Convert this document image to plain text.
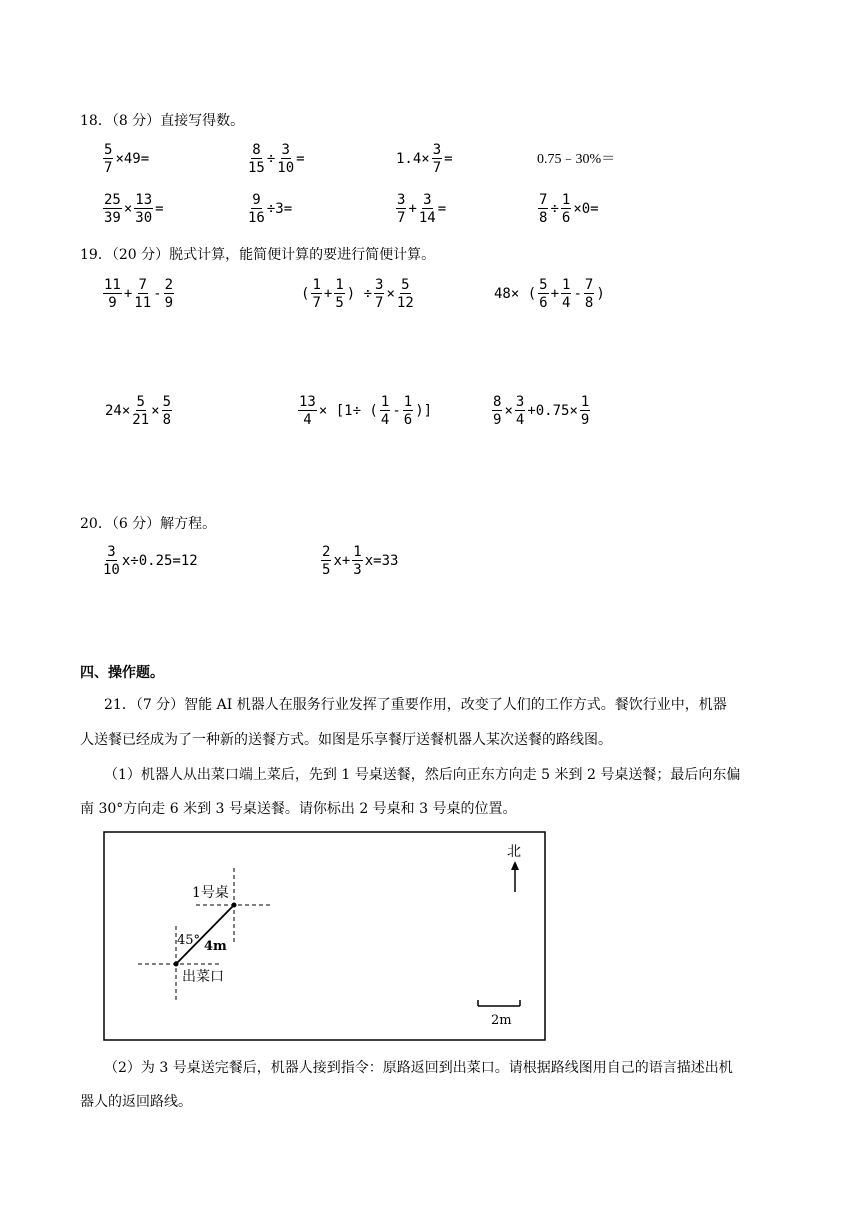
18．（8 分）直接写得数。
$\frac{5}{7} \times 49=$	$\frac{8}{15} \div \frac{3}{10}$ =	$1.4\times \frac{3}{7}$ =	0.75﹣30%＝
$\frac{25}{39} \times \frac{13}{30}$ =	$\frac{9}{16} \div 3=$	$\frac{3}{7} + \frac{3}{14}$ =	$\frac{7}{8} \div \frac{1}{6} \times 0=$
19．（20 分）脱式计算，能简便计算的要进行简便计算。
$\frac{11}{9} + \frac{7}{11} - \frac{2}{9}$	( $\frac{1}{7} + \frac{1}{5}$ ) ÷ $\frac{3}{7} \times \frac{5}{12}$	48× ( $\frac{5}{6} + \frac{1}{4} - \frac{7}{8}$ )
$24\times \frac{5}{21} \times \frac{5}{8}$	$\frac{13}{4} \times [1\div$ ( $\frac{1}{4} - \frac{1}{6}$ )]	$\frac{8}{9} \times \frac{3}{4} +0.75\times \frac{1}{9}$
20．（6 分）解方程。
$\frac{3}{10} x\div 0.25=12$	$\frac{2}{5} x+ \frac{1}{3} x=33$
四、操作题。
21．（7 分）智能 AI 机器人在服务行业发挥了重要作用，改变了人们的工作方式。餐饮行业中，机器
人送餐已经成为了一种新的送餐方式。如图是乐享餐厅送餐机器人某次送餐的路线图。
（1）机器人从出菜口端上菜后，先到 1 号桌送餐，然后向正东方向走 5 米到 2 号桌送餐；最后向东偏
南 30°方向走 6 米到 3 号桌送餐。请你标出 2 号桌和 3 号桌的位置。
北
1号桌
45° 4m
出菜口
2m
（2）为 3 号桌送完餐后，机器人接到指令：原路返回到出菜口。请根据路线图用自己的语言描述出机
器人的返回路线。
